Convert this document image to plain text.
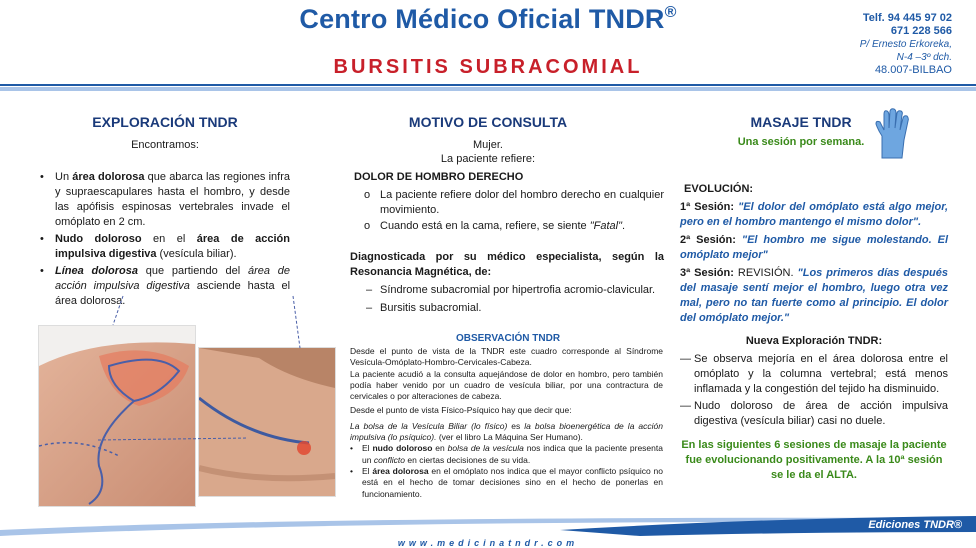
Centro Médico Oficial TNDR®
BURSITIS SUBRACOMIAL
Telf. 94 445 97 02
671 228 566
P/ Ernesto Erkoreka,
N-4 –3º dch.
48.007-BILBAO
EXPLORACIÓN TNDR
Encontramos:
• Un área dolorosa que abarca las regiones infra y supraescapulares hasta el hombro, y desde las apófisis espinosas vertebrales invade el omóplato en 2 cm.
• Nudo doloroso en el área de acción impulsiva digestiva (vesícula biliar).
• Línea dolorosa que partiendo del área de acción impulsiva digestiva asciende hasta el área dolorosa.
MOTIVO DE CONSULTA
Mujer.
La paciente refiere:
DOLOR DE HOMBRO DERECHO
o La paciente refiere dolor del hombro derecho en cualquier movimiento.
o Cuando está en la cama, refiere, se siente "Fatal".
Diagnosticada por su médico especialista, según la Resonancia Magnética, de:
– Síndrome subacromial por hipertrofia acromio-clavicular.
– Bursitis subacromial.
OBSERVACIÓN TNDR

Desde el punto de vista de la TNDR este cuadro corresponde al Síndrome Vesícula-Omóplato-Hombro-Cervicales-Cabeza.

La paciente acudió a la consulta aquejándose de dolor en hombro, pero también podía haber venido por un cuadro de vesícula biliar, por una contractura de cervicales o por alteraciones de cabeza.

Desde el punto de vista Físico-Psíquico hay que decir que:

La bolsa de la Vesícula Biliar (lo físico) es la bolsa bioenergética de la acción impulsiva (lo psíquico). (ver el libro La Máquina Ser Humano).

• El nudo doloroso en bolsa de la vesícula nos indica que la paciente presenta un conflicto en ciertas decisiones de su vida.
• El área dolorosa en el omóplato nos indica que el mayor conflicto psíquico no está en el hecho de tomar decisiones sino en el hecho de ponerlas en funcionamiento.
MASAJE TNDR
Una sesión por semana.
EVOLUCIÓN:

1ª Sesión: "El dolor del omóplato está algo mejor, pero en el hombro mantengo el mismo dolor".

2ª Sesión: "El hombro me sigue molestando. El omóplato mejor"

3ª Sesión: REVISIÓN. "Los primeros días después del masaje sentí mejor el hombro, luego otra vez mal, pero no tan fuerte como al principio. El dolor del omóplato mejor."

Nueva Exploración TNDR:
— Se observa mejoría en el área dolorosa entre el omóplato y la columna vertebral; está menos inflamada y la congestión del tejido ha disminuido.
— Nudo doloroso de área de acción impulsiva digestiva (vesícula biliar) casi no duele.
En las siguientes 6 sesiones de masaje la paciente fue evolucionando positivamente. A la 10ª sesión se le da el ALTA.
Ediciones TNDR®
www.medicinatndr.com
